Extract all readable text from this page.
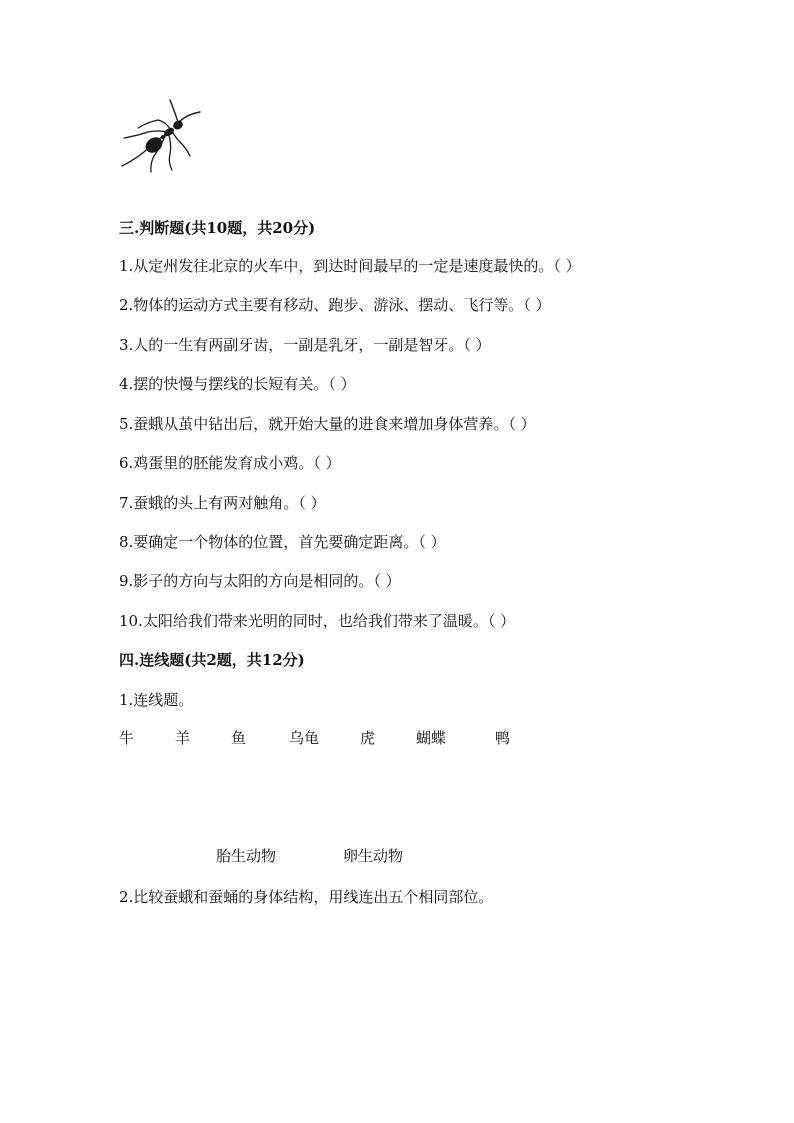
三.判断题(共10题，共20分)
1.从定州发往北京的火车中，到达时间最早的一定是速度最快的。（ ）
2.物体的运动方式主要有移动、跑步、游泳、摆动、飞行等。（ ）
3.人的一生有两副牙齿，一副是乳牙，一副是智牙。（ ）
4.摆的快慢与摆线的长短有关。（ ）
5.蚕蛾从茧中钻出后，就开始大量的进食来增加身体营养。（ ）
6.鸡蛋里的胚能发育成小鸡。（ ）
7.蚕蛾的头上有两对触角。（ ）
8.要确定一个物体的位置，首先要确定距离。（ ）
9.影子的方向与太阳的方向是相同的。（ ）
10.太阳给我们带来光明的同时，也给我们带来了温暖。（ ）
四.连线题(共2题，共12分)
1.连线题。
牛	羊	鱼	乌龟	虎	蝴蝶	鸭
胎生动物	卵生动物
2.比较蚕蛾和蚕蛹的身体结构，用线连出五个相同部位。
